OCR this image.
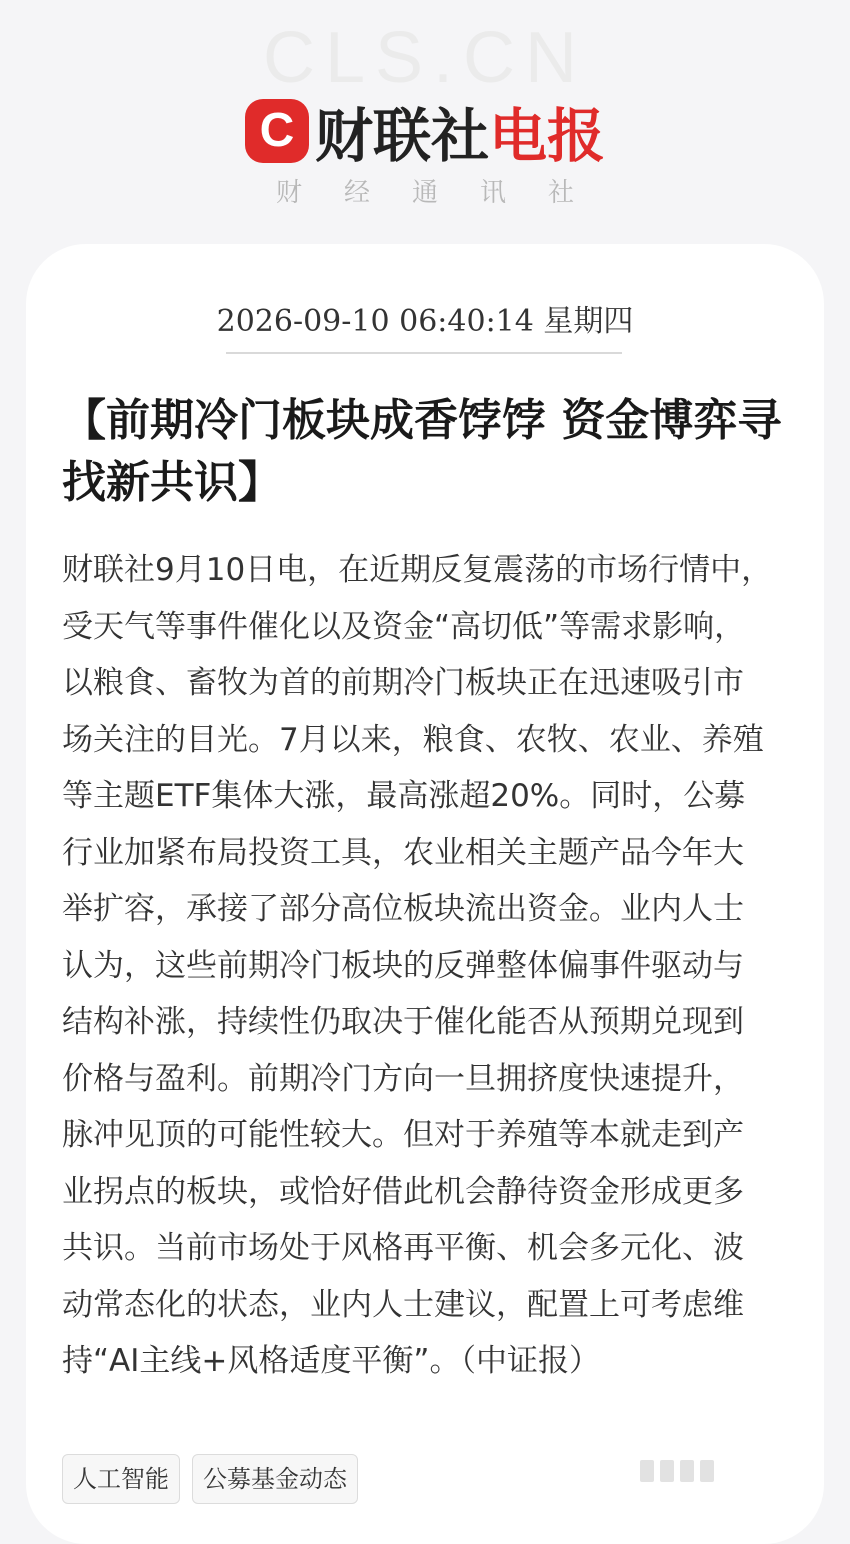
CLS.CN
C 财联社 电报
财经通讯社
2026-09-10 06:40:14 星期四
【前期冷门板块成香饽饽 资金博弈寻找新共识】
财联社9月10日电，在近期反复震荡的市场行情中，受天气等事件催化以及资金“高切低”等需求影响，以粮食、畜牧为首的前期冷门板块正在迅速吸引市场关注的目光。7月以来，粮食、农牧、农业、养殖等主题ETF集体大涨，最高涨超20%。同时，公募行业加紧布局投资工具，农业相关主题产品今年大举扩容，承接了部分高位板块流出资金。业内人士认为，这些前期冷门板块的反弹整体偏事件驱动与结构补涨，持续性仍取决于催化能否从预期兑现到价格与盈利。前期冷门方向一旦拥挤度快速提升，脉冲见顶的可能性较大。但对于养殖等本就走到产业拐点的板块，或恰好借此机会静待资金形成更多共识。当前市场处于风格再平衡、机会多元化、波动常态化的状态，业内人士建议，配置上可考虑维持“AI主线+风格适度平衡”。（中证报）
人工智能	公募基金动态
